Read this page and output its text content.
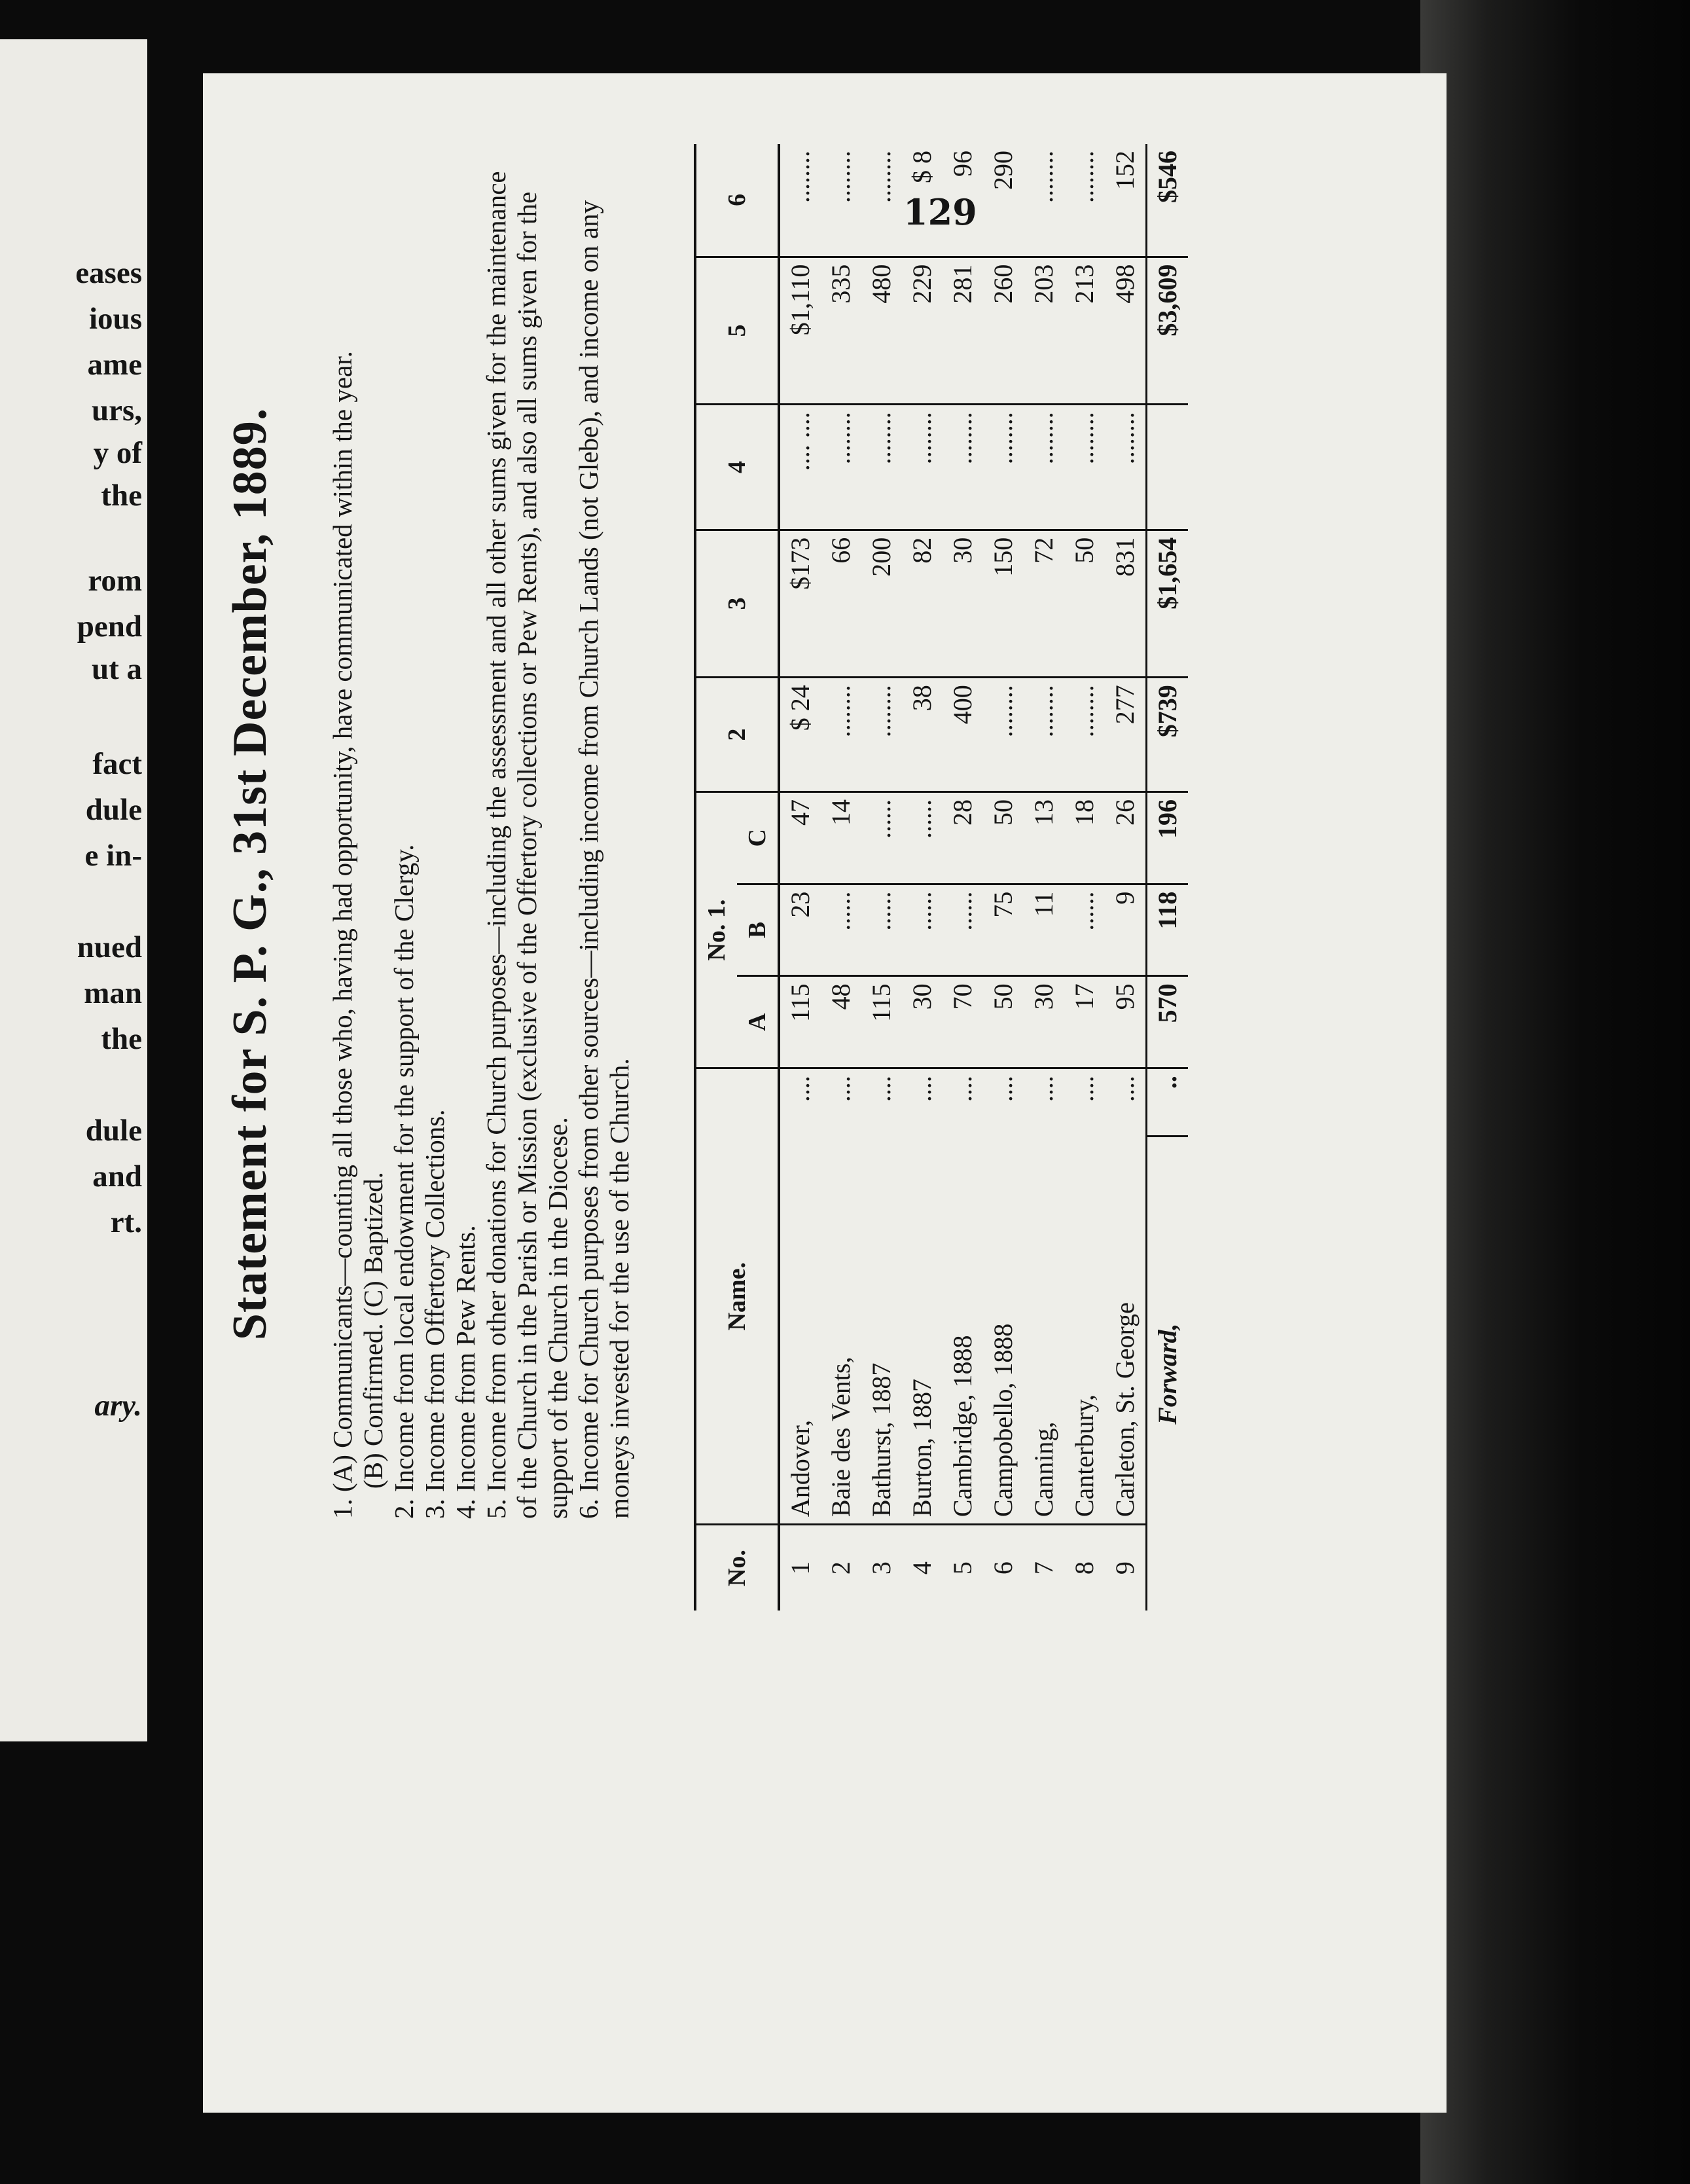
eases
ious
ame
urs,
y of
the
rom
pend
ut a
fact
dule
e in-
nued
man
the
dule
and
rt.
ary.
129
Statement for S. P. G., 31st December, 1889. 1. (A) Communicants—counting all those who, having had opportunity, have communicated within the year. (B) Confirmed. (C) Baptized. 2. Income from local endowment for the support of the Clergy. 3. Income from Offertory Collections. 4. Income from Pew Rents. 5. Income from other donations for Church purposes—including the assessment and all other sums given for the maintenance of the Church in the Parish or Mission (exclusive of the Offertory collections or Pew Rents), and also all sums given for the support of the Church in the Diocese. 6. Income for Church purposes from other sources—including income from Church Lands (not Glebe), and income on any moneys invested for the use of the Church.
No.	Name.		No. 1.			2	3	4	5	6
			A	B	C					
1	Andover,	....	115	23	47	$ 24	$173	.... ....	$1,110	........
2	Baie des Vents,	....	48	......	14	........	66	........	335	........
3	Bathurst, 1887	....	115	......	......	........	200	........	480	........
4	Burton, 1887	....	30	......	......	38	82	........	229	$ 8
5	Cambridge, 1888	....	70	......	28	400	30	........	281	96
6	Campobello, 1888	....	50	75	50	........	150	........	260	290
7	Canning,	....	30	11	13	........	72	........	203	........
8	Canterbury,	....	17	......	18	........	50	........	213	........
9	Carleton, St. George	....	95	9	26	277	831	........	498	152
Forward,		..	570	118	196	$739	$1,654		$3,609	$546
